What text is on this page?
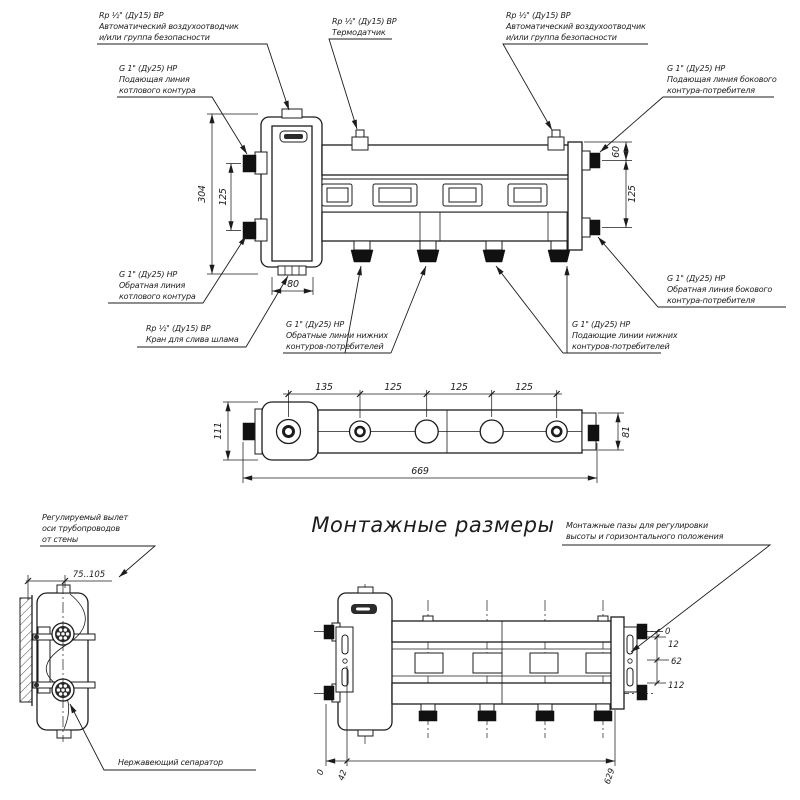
304 125
60
125
80
Rp ½" (Ду15) ВР
Автоматический воздухоотводчик
и/или группа безопасности
G 1" (Ду25) НР
Подающая линия
котлового контура
Rp ½" (Ду15) ВР
Термодатчик
Rp ½" (Ду15) ВР
Автоматический воздухоотводчик
и/или группа безопасности
G 1" (Ду25) НР
Подающая линия бокового
контура-потребителя
G 1" (Ду25) НР
Обратная линия
котлового контура
Rp ½" (Ду15) ВР
Кран для слива шлама
G 1" (Ду25) НР
Обратные линии нижних
контуров-потребителей
G 1" (Ду25) НР
Подающие линии нижних
контуров-потребителей
G 1" (Ду25) НР
Обратная линия бокового
контура-потребителя
135	125	125	125
111	81
669
75..105
Регулируемый вылет
оси трубопроводов
от стены
Нержавеющий сепаратор
Монтажные размеры
0
12
62
112
0 42	629
Монтажные пазы для регулировки
высоты и горизонтального положения
